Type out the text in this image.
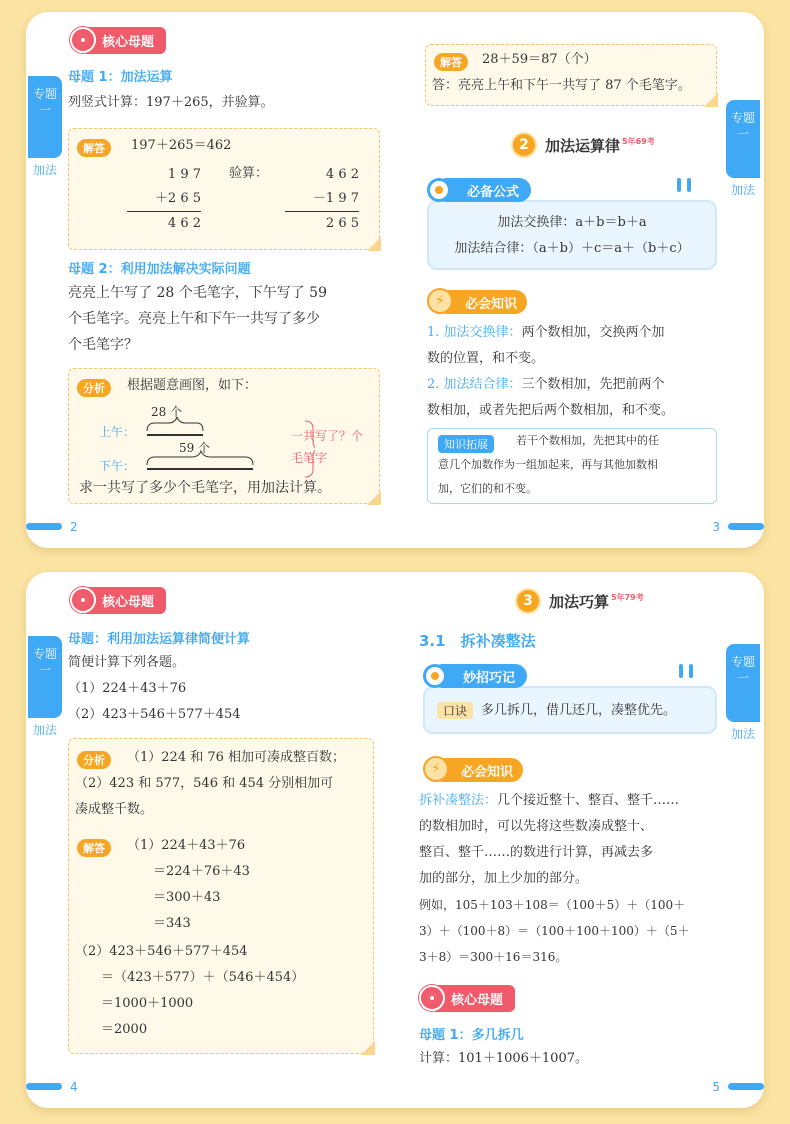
专题一
加法
核心母题
母题 1：加法运算
列竖式计算：197＋265，并验算。
解答	197＋265＝462
1 9 7
＋2 6 5
4 6 2
验算：	4 6 2
－1 9 7
2 6 5
母题 2：利用加法解决实际问题
亮亮上午写了 28 个毛笔字，下午写了 59
个毛笔字。亮亮上午和下午一共写了多少
个毛笔字？
分析	根据题意画图，如下：
上午：
下午：
28 个
59 个
一共写了？个
毛笔字
求一共写了多少个毛笔字，用加法计算。
2
专题一
加法
解答	28＋59＝87（个）
答：亮亮上午和下午一共写了 87 个毛笔字。
2	加法运算律 5年69考
加法交换律：a＋b＝b＋a
加法结合律：（a＋b）＋c＝a＋（b＋c）
必备公式
⚡	必会知识
1. 加法交换律：两个数相加，交换两个加
数的位置，和不变。
2. 加法结合律：三个数相加，先把前两个
数相加，或者先把后两个数相加，和不变。
知识拓展	若干个数相加，先把其中的任
意几个加数作为一组加起来，再与其他加数相
加，它们的和不变。
3
专题一
加法
核心母题
母题：利用加法运算律简便计算
简便计算下列各题。
（1）224＋43＋76
（2）423＋546＋577＋454
分析	（1）224 和 76 相加可凑成整百数；
（2）423 和 577，546 和 454 分别相加可
凑成整千数。
解答	（1）224＋43＋76
＝224＋76＋43
＝300＋43
＝343
（2）423＋546＋577＋454
＝（423＋577）＋（546＋454）
＝1000＋1000
＝2000
4
专题一
加法
3	加法巧算 5年79考
3.1　拆补凑整法
口诀	多几拆几，借几还几，凑整优先。
妙招巧记
⚡	必会知识
拆补凑整法：几个接近整十、整百、整千……
的数相加时，可以先将这些数凑成整十、
整百、整千……的数进行计算，再减去多
加的部分，加上少加的部分。
例如，105＋103＋108＝（100＋5）＋（100＋
3）＋（100＋8）＝（100＋100＋100）＋（5＋
3＋8）＝300＋16＝316。
核心母题
母题 1：多几拆几
计算：101＋1006＋1007。
5
